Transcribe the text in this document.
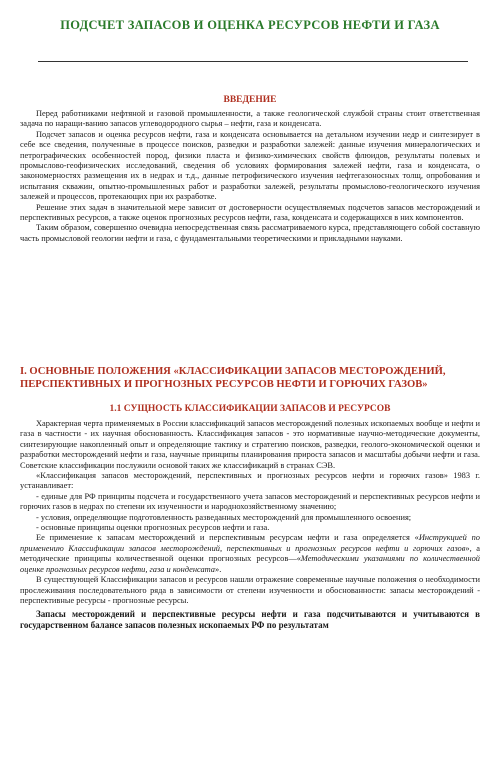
ПОДСЧЕТ ЗАПАСОВ И ОЦЕНКА РЕСУРСОВ НЕФТИ И ГАЗА
ВВЕДЕНИЕ

Перед работниками нефтяной и газовой промышленности, а также геологической службой страны стоит ответственная задача по наращи-ванию запасов углеводородного сырья – нефти, газа и конденсата.

Подсчет запасов и оценка ресурсов нефти, газа и конденсата основывается на детальном изучении недр и синтезирует в себе все сведения, полученные в процессе поисков, разведки и разработки залежей: данные изучения минералогических и петрографических особенностей пород, физики пласта и физико-химических свойств флюидов, результаты полевых и промыслово-геофизических исследований, сведения об условиях формирования залежей нефти, газа и конденсата, о закономерностях размещения их в недрах и т.д., данные петрофизического изучения нефтегазоносных толщ, опробования и испытания скважин, опытно-промышленных работ и разработки залежей, результаты промыслово-геологического изучения залежей и процессов, протекающих при их разработке.

Решение этих задач в значительной мере зависит от достоверности осуществляемых подсчетов запасов месторождений и перспективных ресурсов, а также оценок прогнозных ресурсов нефти, газа, конденсата и содержащихся в них компонентов.

Таким образом, совершенно очевидна непосредственная связь рассматриваемого курса, представляющего собой составную часть промысловой геологии нефти и газа, с фундаментальными теоретическими и прикладными науками.

I. ОСНОВНЫЕ ПОЛОЖЕНИЯ «КЛАССИФИКАЦИИ ЗАПАСОВ МЕСТОРОЖДЕНИЙ, ПЕРСПЕКТИВНЫХ И ПРОГНОЗНЫХ РЕСУРСОВ НЕФТИ И ГОРЮЧИХ ГАЗОВ»
1.1 СУЩНОСТЬ КЛАССИФИКАЦИИ ЗАПАСОВ И РЕСУРСОВ

Характерная черта применяемых в России классификаций запасов месторождений полезных ископаемых вообще и нефти и газа в частности - их научная обоснованность. Классификация запасов - это нормативные научно-методические документы, синтезирующие накопленный опыт и определяющие тактику и стратегию поисков, разведки, геолого-экономической оценки и разработки месторождений нефти и газа, научные принципы планирования прироста запасов и масштабы добычи нефти и газа. Советские классификации послужили основой таких же классификаций в странах СЭВ.

«Классификация запасов месторождений, перспективных и прогнозных ресурсов нефти и горючих газов» 1983 г. устанавливает:

- единые для РФ принципы подсчета и государственного учета запасов месторождений и перспективных ресурсов нефти и горючих газов в недрах по степени их изученности и народнохозяйственному значению;

- условия, определяющие подготовленность разведанных месторождений для промышленного освоения;

- основные принципы оценки прогнозных ресурсов нефти и газа.

Ее применение к запасам месторождений и перспективным ресурсам нефти и газа определяется «Инструкцией по применению Классификации запасов месторождений, перспективных и прогнозных ресурсов нефти и горючих газов», а методические принципы количественной оценки прогнозных ресурсов—«Методическими указаниями по количественной оценке прогнозных ресурсов нефти, газа и конденсата».

В существующей Классификации запасов и ресурсов нашли отражение современные научные положения о необходимости прослеживания последовательного ряда в зависимости от степени изученности и обоснованности: запасы месторождений - перспективные ресурсы - прогнозные ресурсы.

Запасы месторождений и перспективные ресурсы нефти и газа подсчитываются и учитываются в государственном балансе запасов полезных ископаемых РФ по результатам
